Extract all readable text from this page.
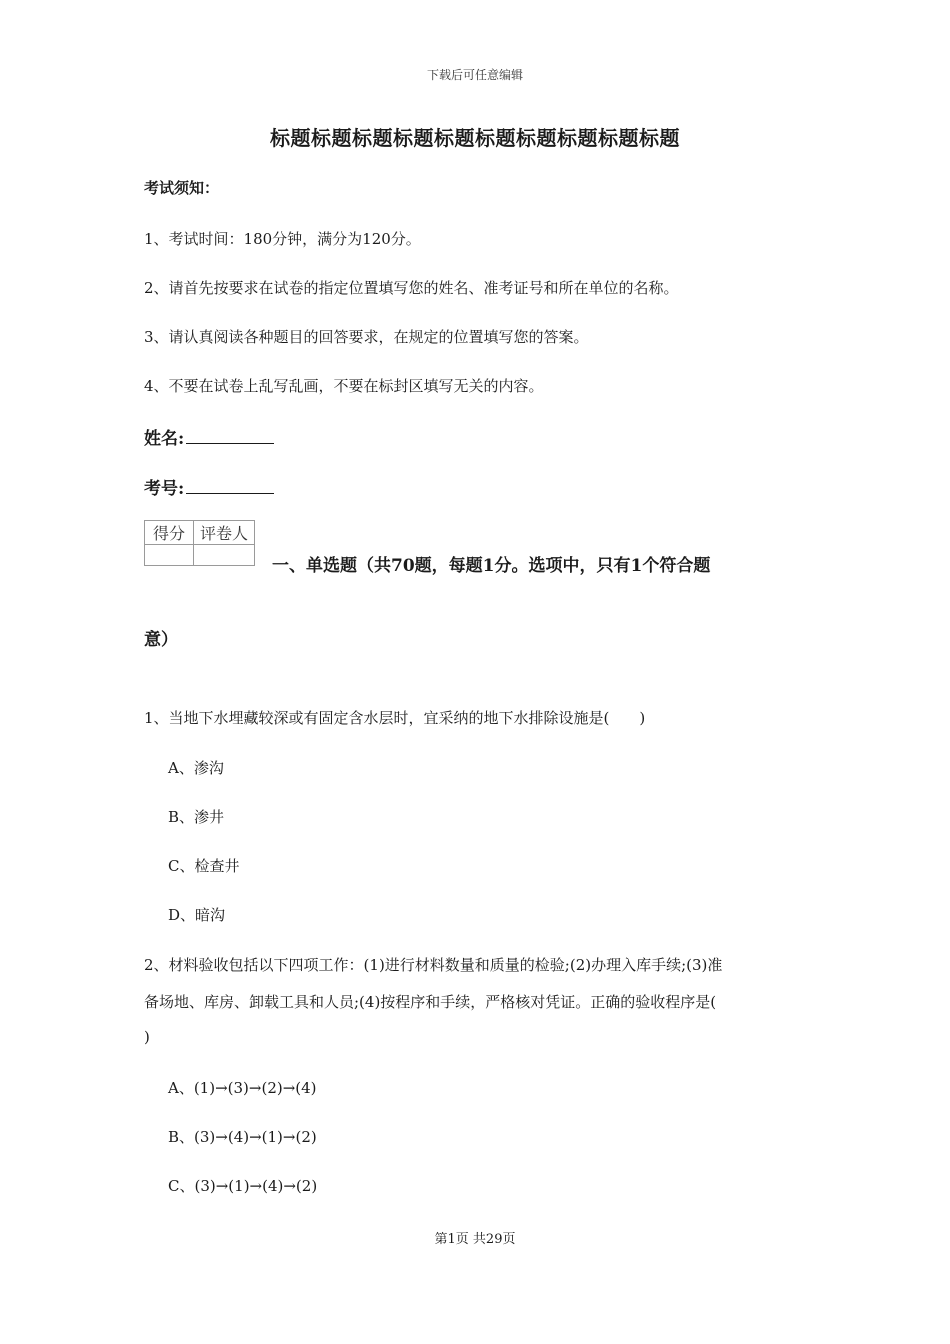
下载后可任意编辑
标题标题标题标题标题标题标题标题标题标题
考试须知：
1、考试时间：180分钟，满分为120分。
2、请首先按要求在试卷的指定位置填写您的姓名、准考证号和所在单位的名称。
3、请认真阅读各种题目的回答要求，在规定的位置填写您的答案。
4、不要在试卷上乱写乱画，不要在标封区填写无关的内容。
姓名:
考号:
得分	评卷人

一、单选题（共70题，每题1分。选项中，只有1个符合题
意）
1、当地下水埋藏较深或有固定含水层时，宜采纳的地下水排除设施是(　　)
A、渗沟
B、渗井
C、检查井
D、暗沟
2、材料验收包括以下四项工作：(1)进行材料数量和质量的检验;(2)办理入库手续;(3)准
备场地、库房、卸载工具和人员;(4)按程序和手续，严格核对凭证。正确的验收程序是(
)
A、(1)→(3)→(2)→(4)
B、(3)→(4)→(1)→(2)
C、(3)→(1)→(4)→(2)
第1页 共29页
